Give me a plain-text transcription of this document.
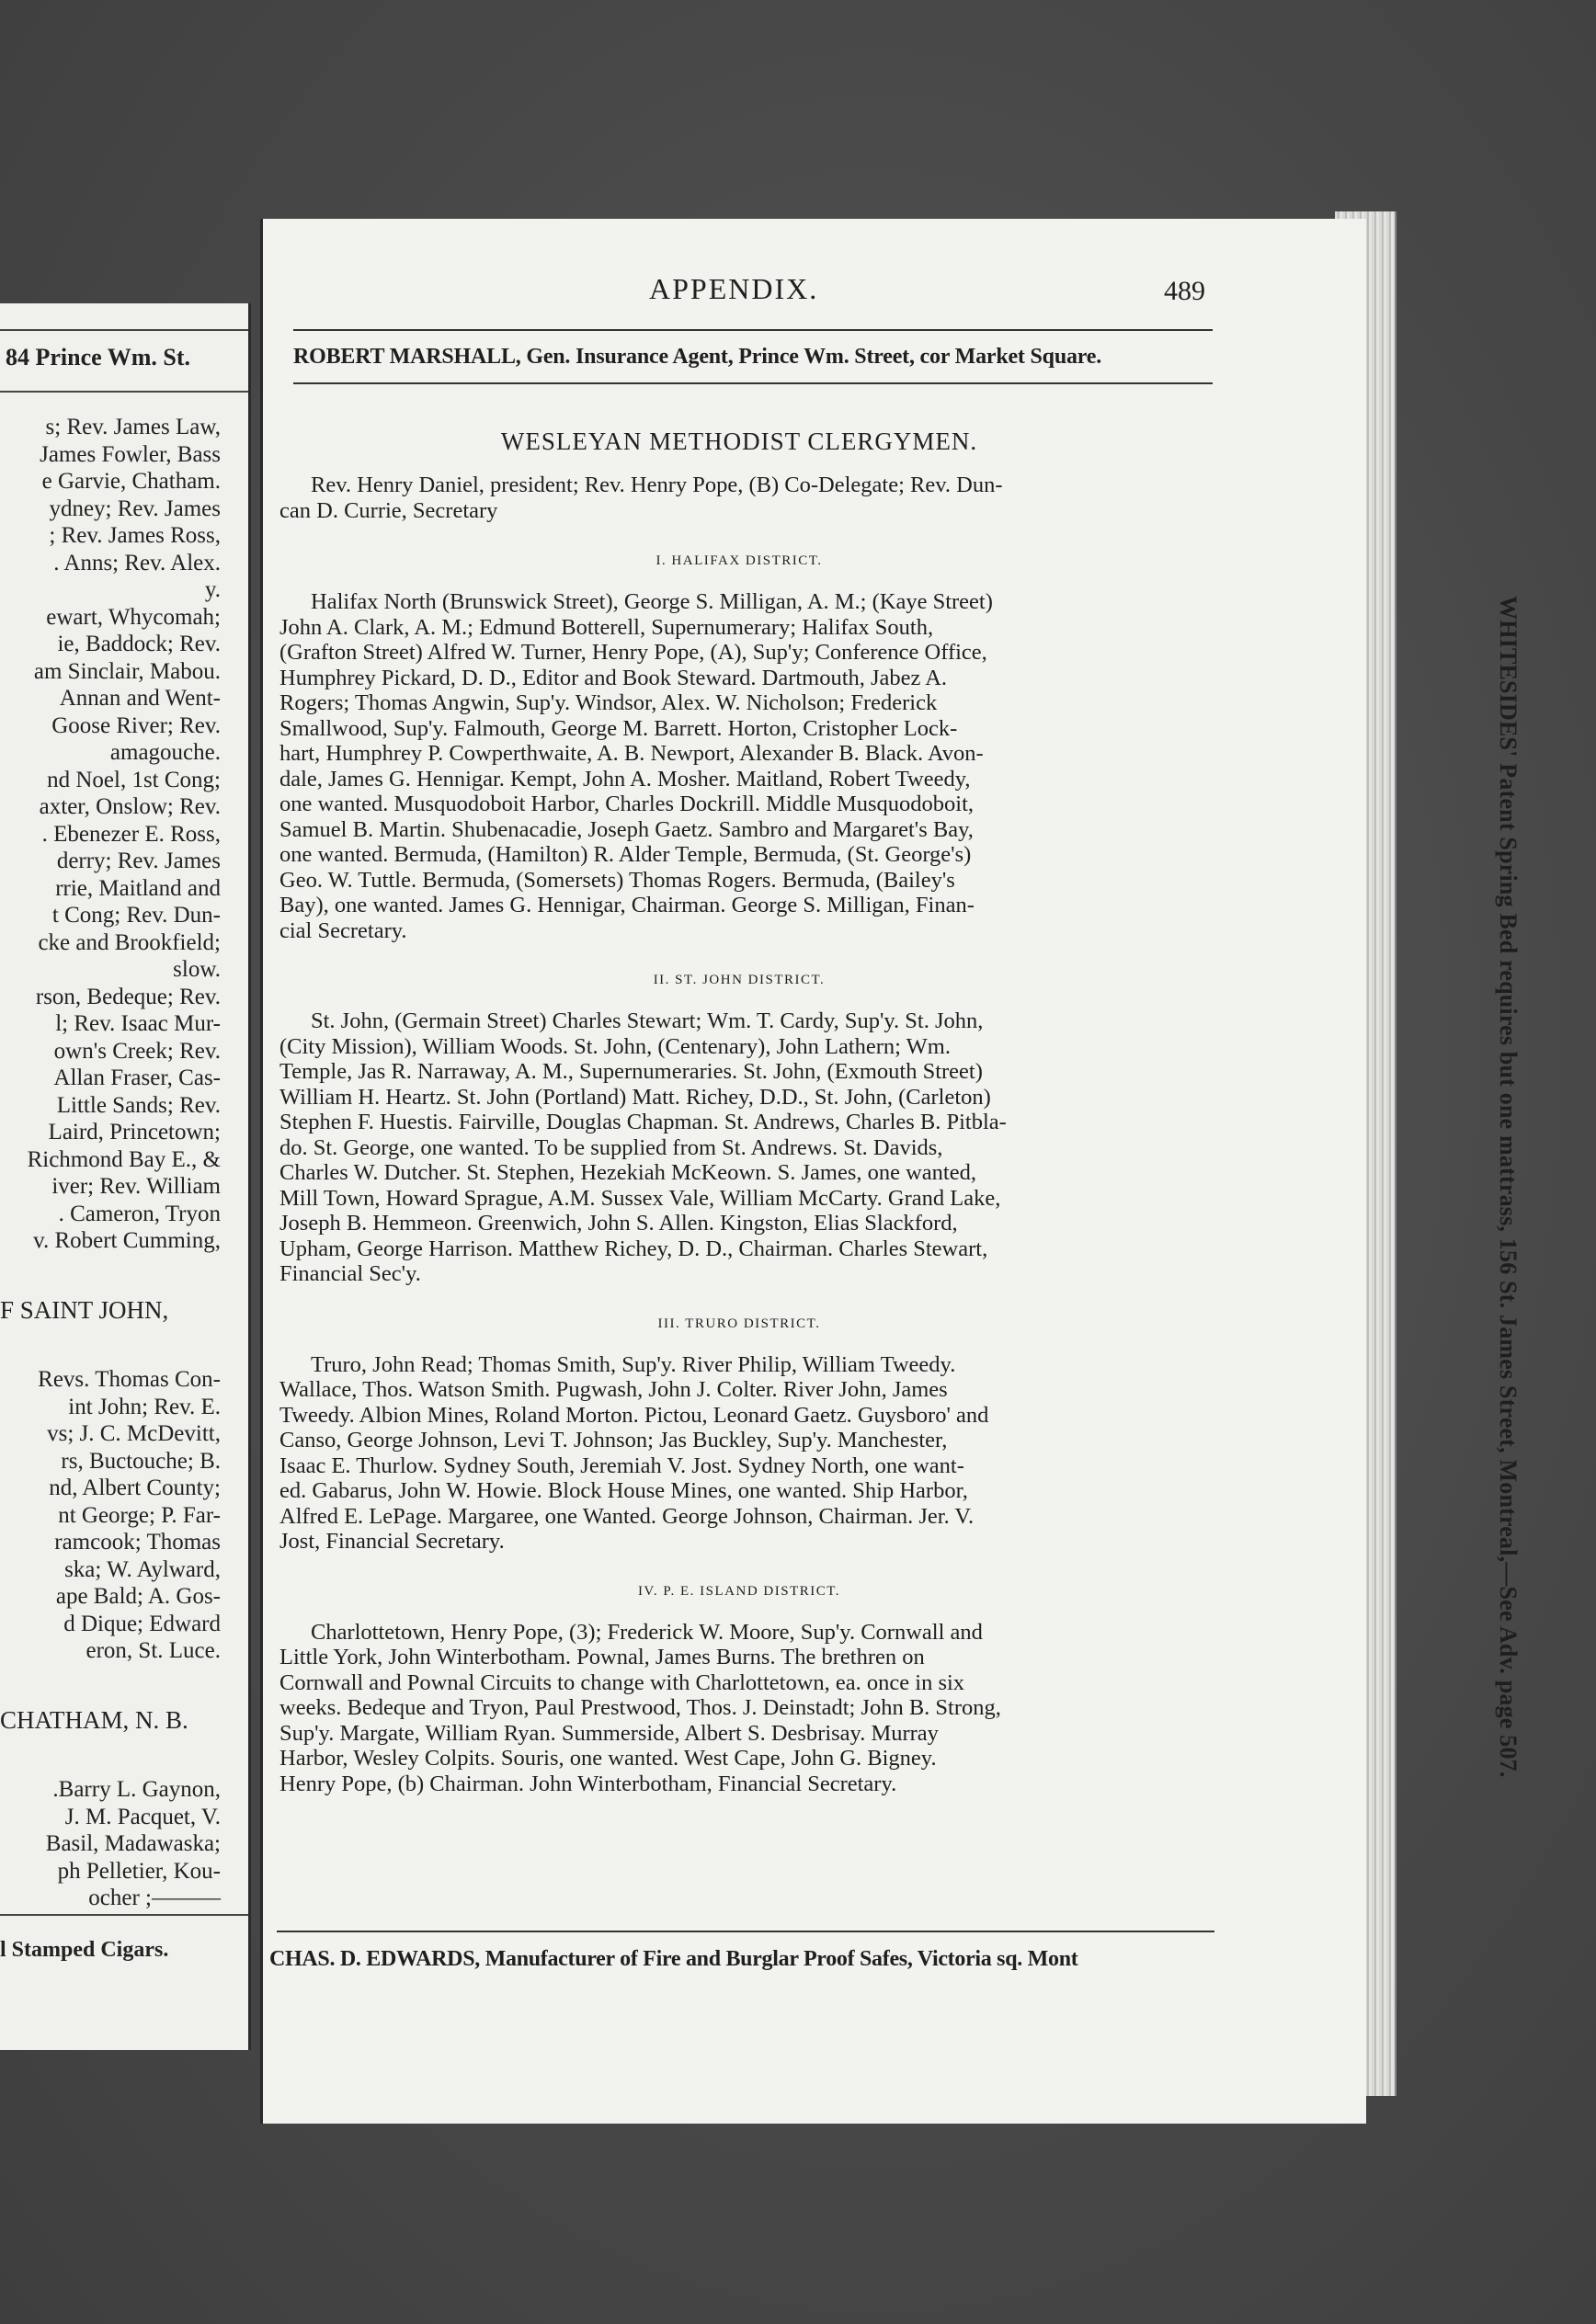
84 Prince Wm. St.
s; Rev. James Law,
James Fowler, Bass
e Garvie, Chatham.
ydney; Rev. James
; Rev. James Ross,
. Anns; Rev. Alex.
y.
ewart, Whycomah;
ie, Baddock; Rev.
am Sinclair, Mabou.
Annan and Went-
Goose River; Rev.
amagouche.
nd Noel, 1st Cong;
axter, Onslow; Rev.
. Ebenezer E. Ross,
derry; Rev. James
rrie, Maitland and
t Cong; Rev. Dun-
cke and Brookfield;
slow.
rson, Bedeque; Rev.
l; Rev. Isaac Mur-
own's Creek; Rev.
Allan Fraser, Cas-
Little Sands; Rev.
Laird, Princetown;
Richmond Bay E., &
iver; Rev. William
. Cameron, Tryon
v. Robert Cumming,
F SAINT JOHN,
Revs. Thomas Con-
int John; Rev. E.
vs; J. C. McDevitt,
rs, Buctouche; B.
nd, Albert County;
nt George; P. Far-
ramcook; Thomas
ska; W. Aylward,
ape Bald; A. Gos-
d Dique; Edward
eron, St. Luce.
CHATHAM, N. B.
.Barry L. Gaynon,
J. M. Pacquet, V.
Basil, Madawaska;
ph Pelletier, Kou-
ocher ;———
l Stamped Cigars.
APPENDIX.	489
ROBERT MARSHALL, Gen. Insurance Agent, Prince Wm. Street, cor Market Square.
WESLEYAN METHODIST CLERGYMEN.
Rev. Henry Daniel, president; Rev. Henry Pope, (B) Co-Delegate; Rev. Dun-
can D. Currie, Secretary
I. HALIFAX DISTRICT.
Halifax North (Brunswick Street), George S. Milligan, A. M.; (Kaye Street)
John A. Clark, A. M.; Edmund Botterell, Supernumerary; Halifax South,
(Grafton Street) Alfred W. Turner, Henry Pope, (A), Sup'y; Conference Office,
Humphrey Pickard, D. D., Editor and Book Steward. Dartmouth, Jabez A.
Rogers; Thomas Angwin, Sup'y. Windsor, Alex. W. Nicholson; Frederick
Smallwood, Sup'y. Falmouth, George M. Barrett. Horton, Cristopher Lock-
hart, Humphrey P. Cowperthwaite, A. B. Newport, Alexander B. Black. Avon-
dale, James G. Hennigar. Kempt, John A. Mosher. Maitland, Robert Tweedy,
one wanted. Musquodoboit Harbor, Charles Dockrill. Middle Musquodoboit,
Samuel B. Martin. Shubenacadie, Joseph Gaetz. Sambro and Margaret's Bay,
one wanted. Bermuda, (Hamilton) R. Alder Temple, Bermuda, (St. George's)
Geo. W. Tuttle. Bermuda, (Somersets) Thomas Rogers. Bermuda, (Bailey's
Bay), one wanted. James G. Hennigar, Chairman. George S. Milligan, Finan-
cial Secretary.
II. ST. JOHN DISTRICT.
St. John, (Germain Street) Charles Stewart; Wm. T. Cardy, Sup'y. St. John,
(City Mission), William Woods. St. John, (Centenary), John Lathern; Wm.
Temple, Jas R. Narraway, A. M., Supernumeraries. St. John, (Exmouth Street)
William H. Heartz. St. John (Portland) Matt. Richey, D.D., St. John, (Carleton)
Stephen F. Huestis. Fairville, Douglas Chapman. St. Andrews, Charles B. Pitbla-
do. St. George, one wanted. To be supplied from St. Andrews. St. Davids,
Charles W. Dutcher. St. Stephen, Hezekiah McKeown. S. James, one wanted,
Mill Town, Howard Sprague, A.M. Sussex Vale, William McCarty. Grand Lake,
Joseph B. Hemmeon. Greenwich, John S. Allen. Kingston, Elias Slackford,
Upham, George Harrison. Matthew Richey, D. D., Chairman. Charles Stewart,
Financial Sec'y.
III. TRURO DISTRICT.
Truro, John Read; Thomas Smith, Sup'y. River Philip, William Tweedy.
Wallace, Thos. Watson Smith. Pugwash, John J. Colter. River John, James
Tweedy. Albion Mines, Roland Morton. Pictou, Leonard Gaetz. Guysboro' and
Canso, George Johnson, Levi T. Johnson; Jas Buckley, Sup'y. Manchester,
Isaac E. Thurlow. Sydney South, Jeremiah V. Jost. Sydney North, one want-
ed. Gabarus, John W. Howie. Block House Mines, one wanted. Ship Harbor,
Alfred E. LePage. Margaree, one Wanted. George Johnson, Chairman. Jer. V.
Jost, Financial Secretary.
IV. P. E. ISLAND DISTRICT.
Charlottetown, Henry Pope, (3); Frederick W. Moore, Sup'y. Cornwall and
Little York, John Winterbotham. Pownal, James Burns. The brethren on
Cornwall and Pownal Circuits to change with Charlottetown, ea. once in six
weeks. Bedeque and Tryon, Paul Prestwood, Thos. J. Deinstadt; John B. Strong,
Sup'y. Margate, William Ryan. Summerside, Albert S. Desbrisay. Murray
Harbor, Wesley Colpits. Souris, one wanted. West Cape, John G. Bigney.
Henry Pope, (b) Chairman. John Winterbotham, Financial Secretary.
WHITESIDES' Patent Spring Bed requires but one mattrass, 156 St. James Street, Montreal,—See Adv. page 507.
CHAS. D. EDWARDS, Manufacturer of Fire and Burglar Proof Safes, Victoria sq. Mont
